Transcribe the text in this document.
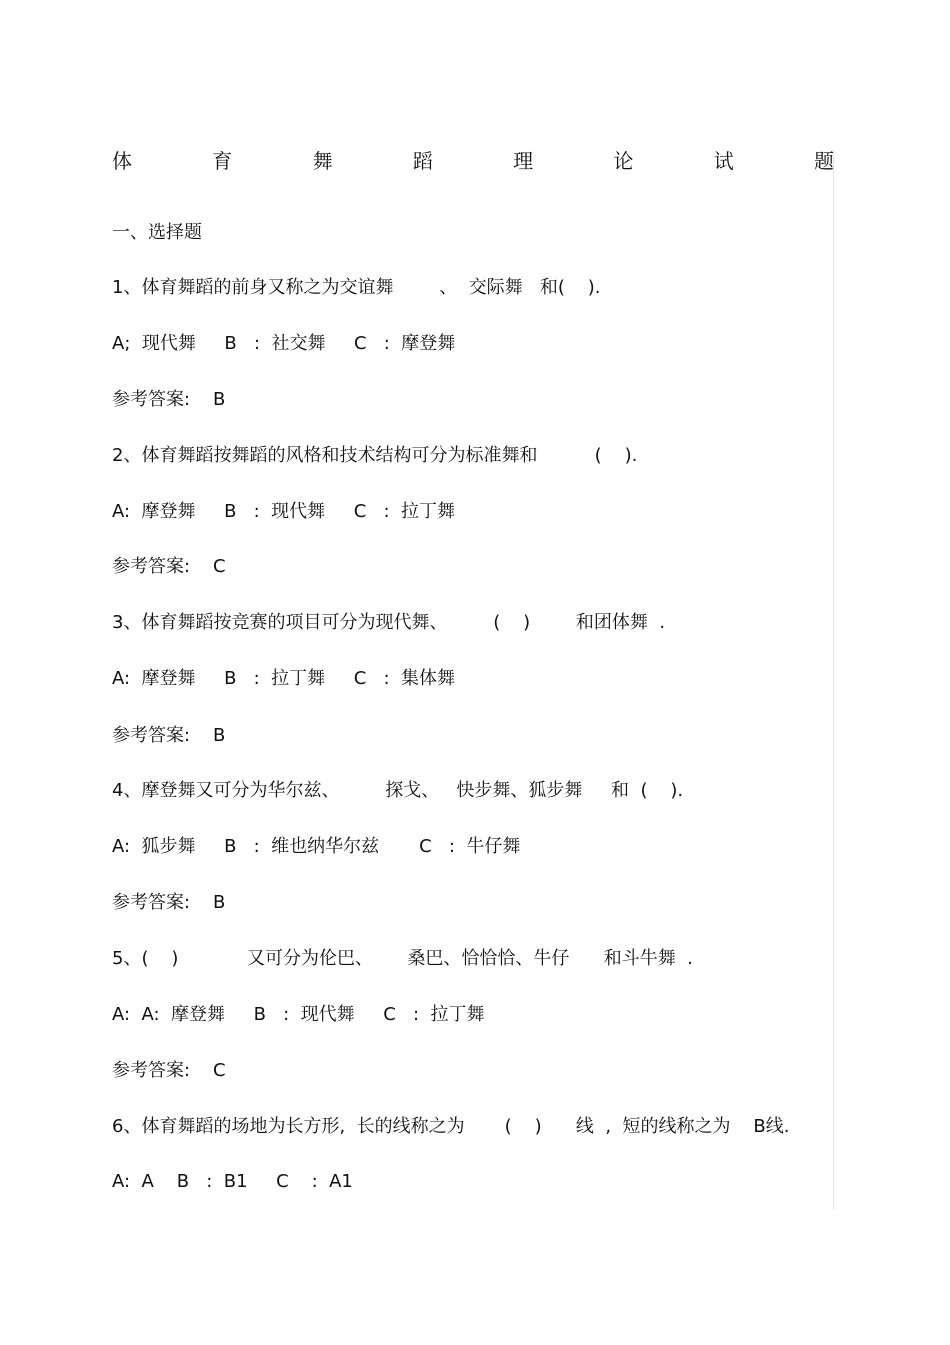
体	育	舞	蹈	理	论	试	题
一、选择题
1、体育舞蹈的前身又称之为交谊舞        、  交际舞   和(    ).
A;  现代舞     B   :  社交舞     C   :  摩登舞
参考答案:    B
2、体育舞蹈按舞蹈的风格和技术结构可分为标准舞和          (    ).
A:  摩登舞     B   :  现代舞     C   :  拉丁舞
参考答案:    C
3、体育舞蹈按竞赛的项目可分为现代舞、        (    )        和团体舞  .
A:  摩登舞     B   :  拉丁舞     C   :  集体舞
参考答案:    B
4、摩登舞又可分为华尔兹、        探戈、   快步舞、狐步舞     和  (    ).
A:  狐步舞     B   :  维也纳华尔兹       C   :  牛仔舞
参考答案:    B
5、(    )            又可分为伦巴、      桑巴、恰恰恰、牛仔      和斗牛舞  .
A:  A:  摩登舞     B   :  现代舞     C   :  拉丁舞
参考答案:    C
6、体育舞蹈的场地为长方形,  长的线称之为       (    )      线  ,  短的线称之为    B线.
A:  A    B   :  B1     C    :  A1
